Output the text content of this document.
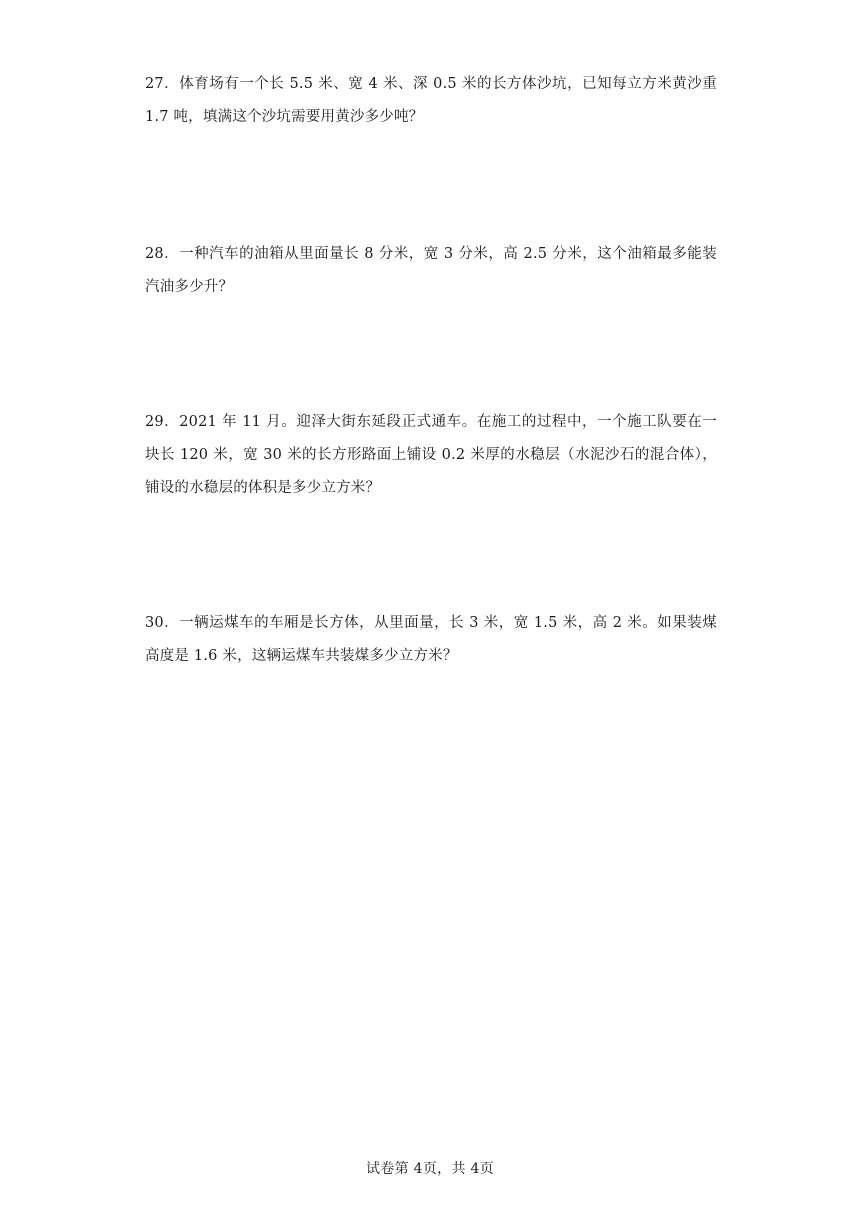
27．体育场有一个长 5.5 米、宽 4 米、深 0.5 米的长方体沙坑，已知每立方米黄沙重 1.7 吨，填满这个沙坑需要用黄沙多少吨？

28．一种汽车的油箱从里面量长 8 分米，宽 3 分米，高 2.5 分米，这个油箱最多能装汽油多少升？

29．2021 年 11 月。迎泽大街东延段正式通车。在施工的过程中，一个施工队要在一块长 120 米，宽 30 米的长方形路面上铺设 0.2 米厚的水稳层（水泥沙石的混合体），铺设的水稳层的体积是多少立方米？

30．一辆运煤车的车厢是长方体，从里面量，长 3 米，宽 1.5 米，高 2 米。如果装煤高度是 1.6 米，这辆运煤车共装煤多少立方米？

试卷第 4页，共 4页
